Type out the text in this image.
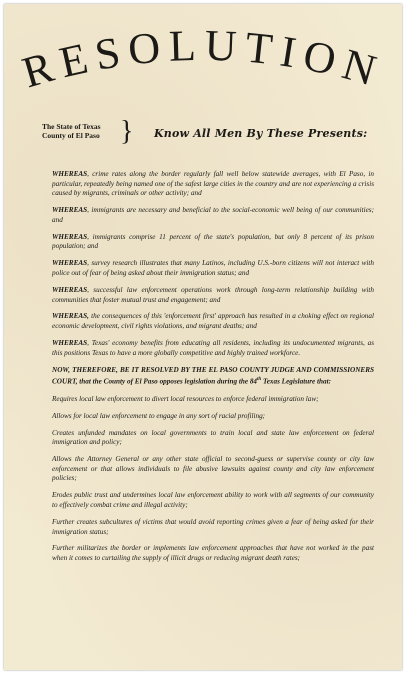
RESOLUTION
The State of Texas
County of El Paso } Know All Men By These Presents:

WHEREAS, crime rates along the border regularly fall well below statewide averages, with El Paso, in particular, repeatedly being named one of the safest large cities in the country and are not experiencing a crisis caused by migrants, criminals or other activity; and

WHEREAS, immigrants are necessary and beneficial to the social-economic well being of our communities; and

WHEREAS, immigrants comprise 11 percent of the state's population, but only 8 percent of its prison population; and

WHEREAS, survey research illustrates that many Latinos, including U.S.-born citizens will not interact with police out of fear of being asked about their immigration status; and

WHEREAS, successful law enforcement operations work through long-term relationship building with communities that foster mutual trust and engagement; and

WHEREAS, the consequences of this 'enforcement first' approach has resulted in a choking effect on regional economic development, civil rights violations, and migrant deaths; and

WHEREAS, Texas' economy benefits from educating all residents, including its undocumented migrants, as this positions Texas to have a more globally competitive and highly trained workforce.

NOW, THEREFORE, BE IT RESOLVED BY THE EL PASO COUNTY JUDGE AND COMMISSIONERS COURT, that the County of El Paso opposes legislation during the 84th Texas Legislature that:

Requires local law enforcement to divert local resources to enforce federal immigration law;

Allows for local law enforcement to engage in any sort of racial profiling;

Creates unfunded mandates on local governments to train local and state law enforcement on federal immigration and policy;

Allows the Attorney General or any other state official to second-guess or supervise county or city law enforcement or that allows individuals to file abusive lawsuits against county and city law enforcement policies;

Erodes public trust and undermines local law enforcement ability to work with all segments of our community to effectively combat crime and illegal activity;

Further creates subcultures of victims that would avoid reporting crimes given a fear of being asked for their immigration status;

Further militarizes the border or implements law enforcement approaches that have not worked in the past when it comes to curtailing the supply of illicit drugs or reducing migrant death rates;
